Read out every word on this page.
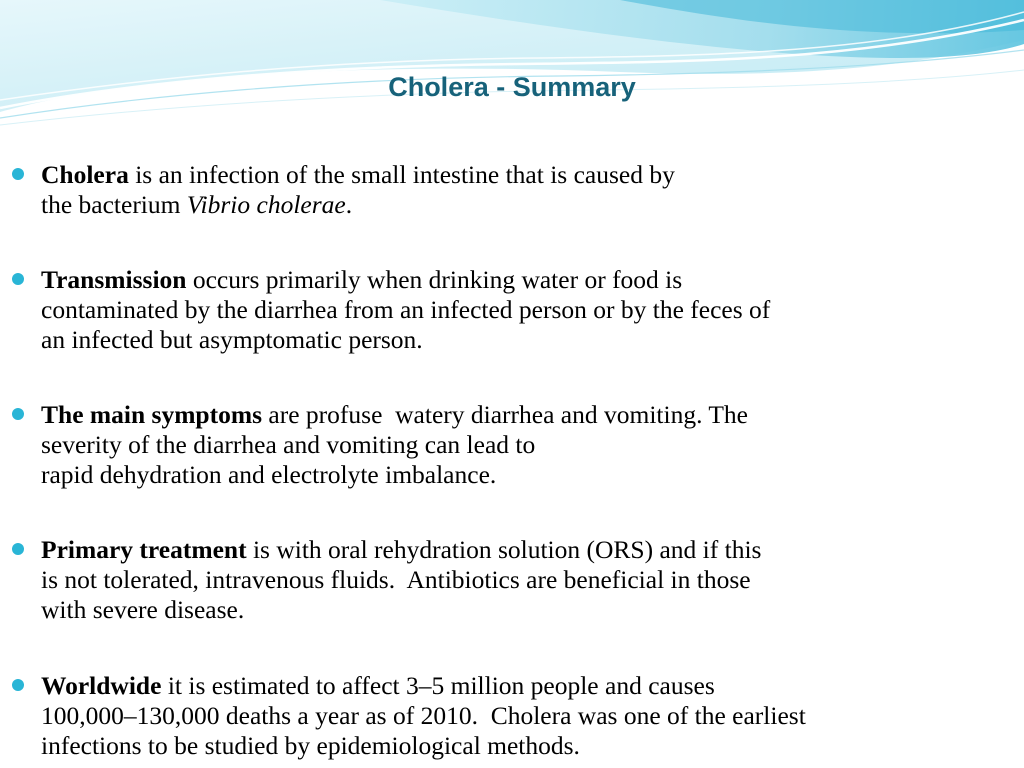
Cholera - Summary
Cholera is an infection of the small intestine that is caused by
the bacterium Vibrio cholerae.
Transmission occurs primarily when drinking water or food is
contaminated by the diarrhea from an infected person or by the feces of
an infected but asymptomatic person.
The main symptoms are profuse  watery diarrhea and vomiting. The
severity of the diarrhea and vomiting can lead to
rapid dehydration and electrolyte imbalance.
Primary treatment is with oral rehydration solution (ORS) and if this
is not tolerated, intravenous fluids.  Antibiotics are beneficial in those
with severe disease.
Worldwide it is estimated to affect 3–5 million people and causes
100,000–130,000 deaths a year as of 2010.  Cholera was one of the earliest
infections to be studied by epidemiological methods.
